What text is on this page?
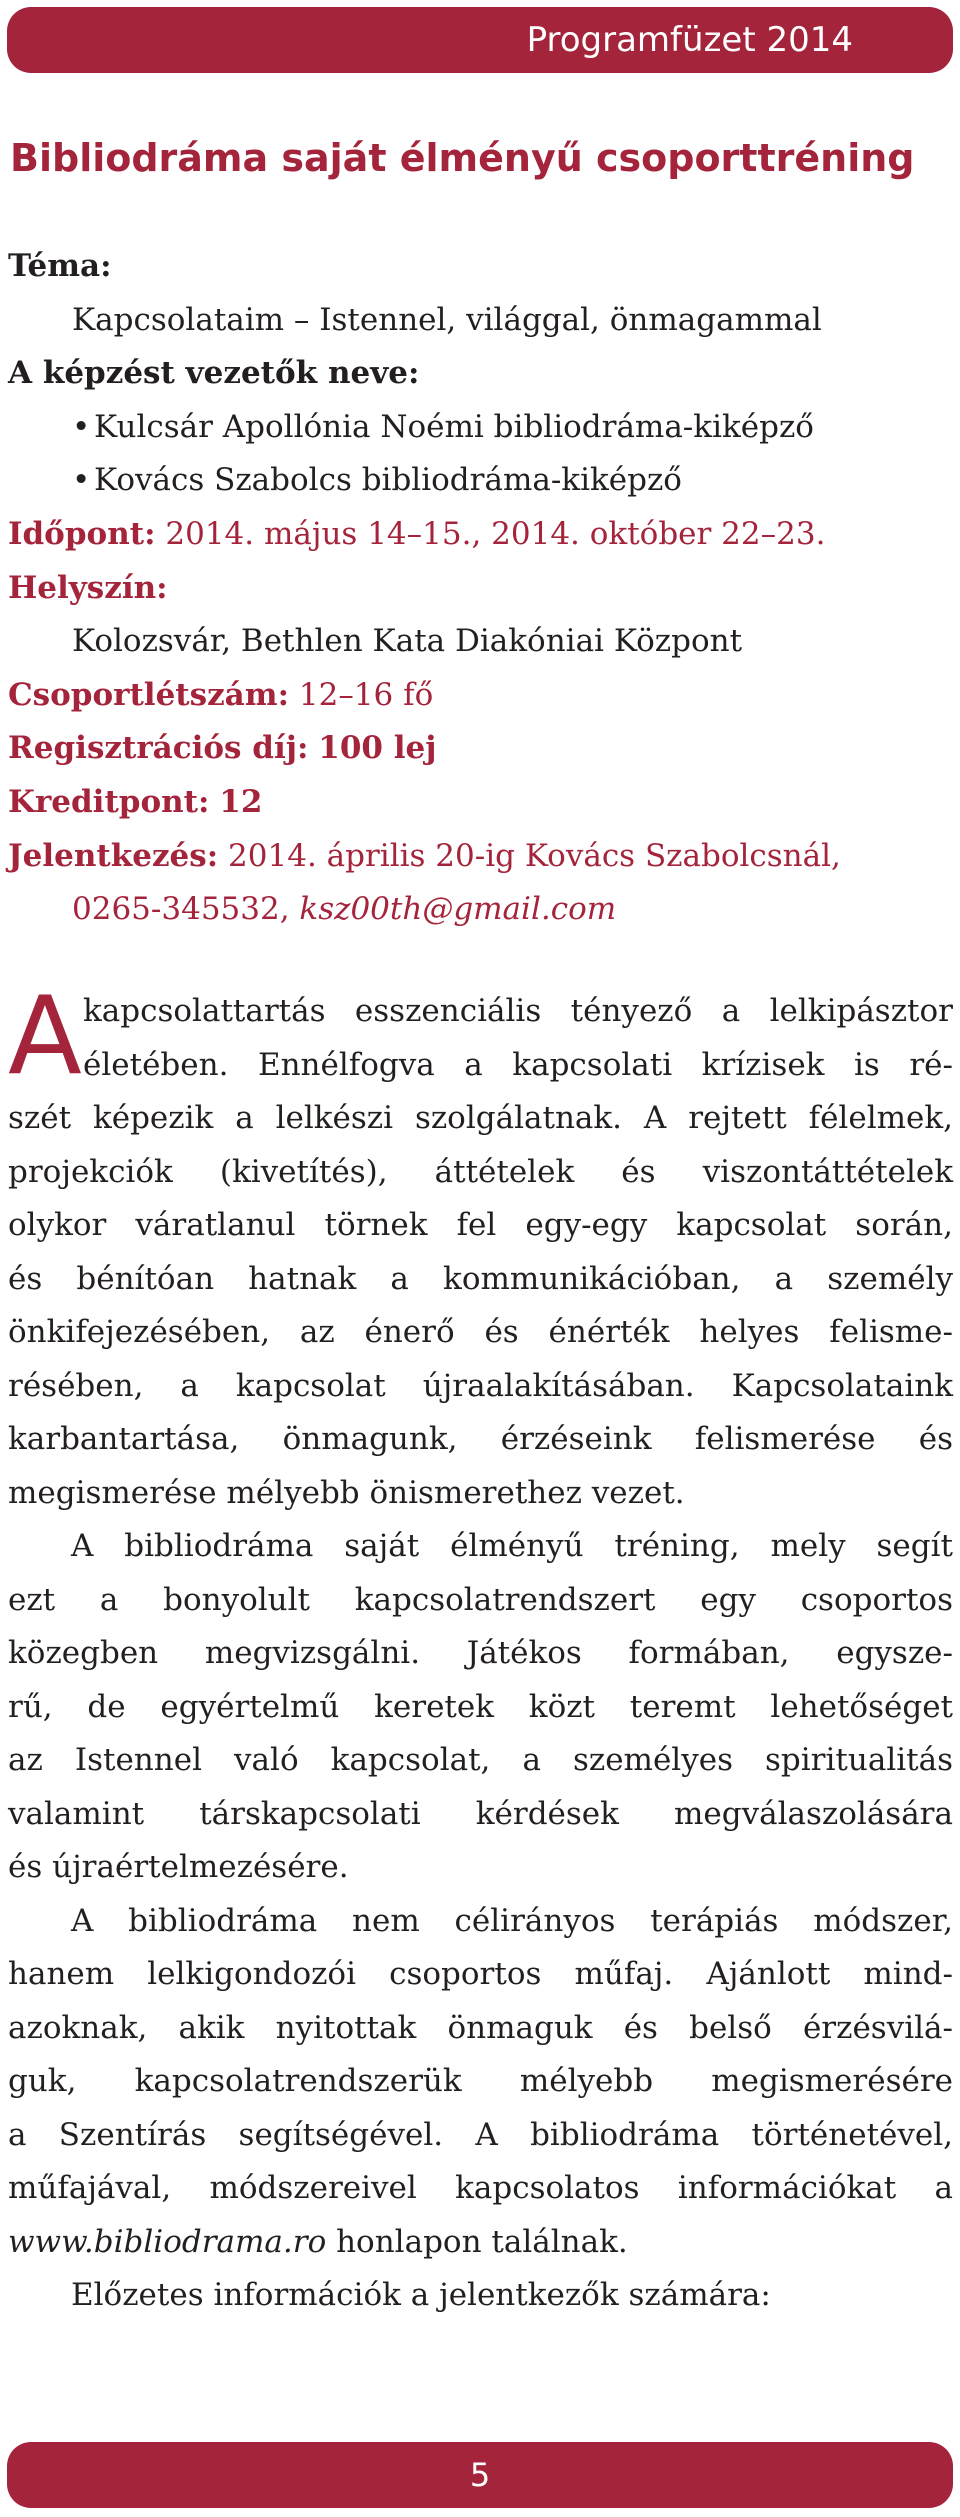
Programfüzet 2014
Bibliodráma saját élményű csoporttréning
Téma:
Kapcsolataim – Istennel, világgal, önmagammal
A képzést vezetők neve:
• Kulcsár Apollónia Noémi bibliodráma-kiképző
• Kovács Szabolcs bibliodráma-kiképző
Időpont: 2014. május 14–15., 2014. október 22–23.
Helyszín:
Kolozsvár, Bethlen Kata Diakóniai Központ
Csoportlétszám: 12–16 fő
Regisztrációs díj: 100 lej
Kreditpont: 12
Jelentkezés: 2014. április 20-ig Kovács Szabolcsnál,
0265-345532, ksz00th@gmail.com
A kapcsolattartás esszenciális tényező a lelkipásztor
életében. Ennélfogva a kapcsolati krízisek is ré-
szét képezik a lelkészi szolgálatnak. A rejtett félelmek,
projekciók (kivetítés), áttételek és viszontáttételek
olykor váratlanul törnek fel egy-egy kapcsolat során,
és bénítóan hatnak a kommunikációban, a személy
önkifejezésében, az énerő és énérték helyes felisme-
résében, a kapcsolat újraalakításában. Kapcsolataink
karbantartása, önmagunk, érzéseink felismerése és
megismerése mélyebb önismerethez vezet.
A bibliodráma saját élményű tréning, mely segít
ezt a bonyolult kapcsolatrendszert egy csoportos
közegben megvizsgálni. Játékos formában, egysze-
rű, de egyértelmű keretek közt teremt lehetőséget
az Istennel való kapcsolat, a személyes spiritualitás
valamint társkapcsolati kérdések megválaszolására
és újraértelmezésére.
A bibliodráma nem célirányos terápiás módszer,
hanem lelkigondozói csoportos műfaj. Ajánlott mind-
azoknak, akik nyitottak önmaguk és belső érzésvilá-
guk, kapcsolatrendszerük mélyebb megismerésére
a Szentírás segítségével. A bibliodráma történetével,
műfajával, módszereivel kapcsolatos információkat a
www.bibliodrama.ro honlapon találnak.
Előzetes információk a jelentkezők számára:
5
